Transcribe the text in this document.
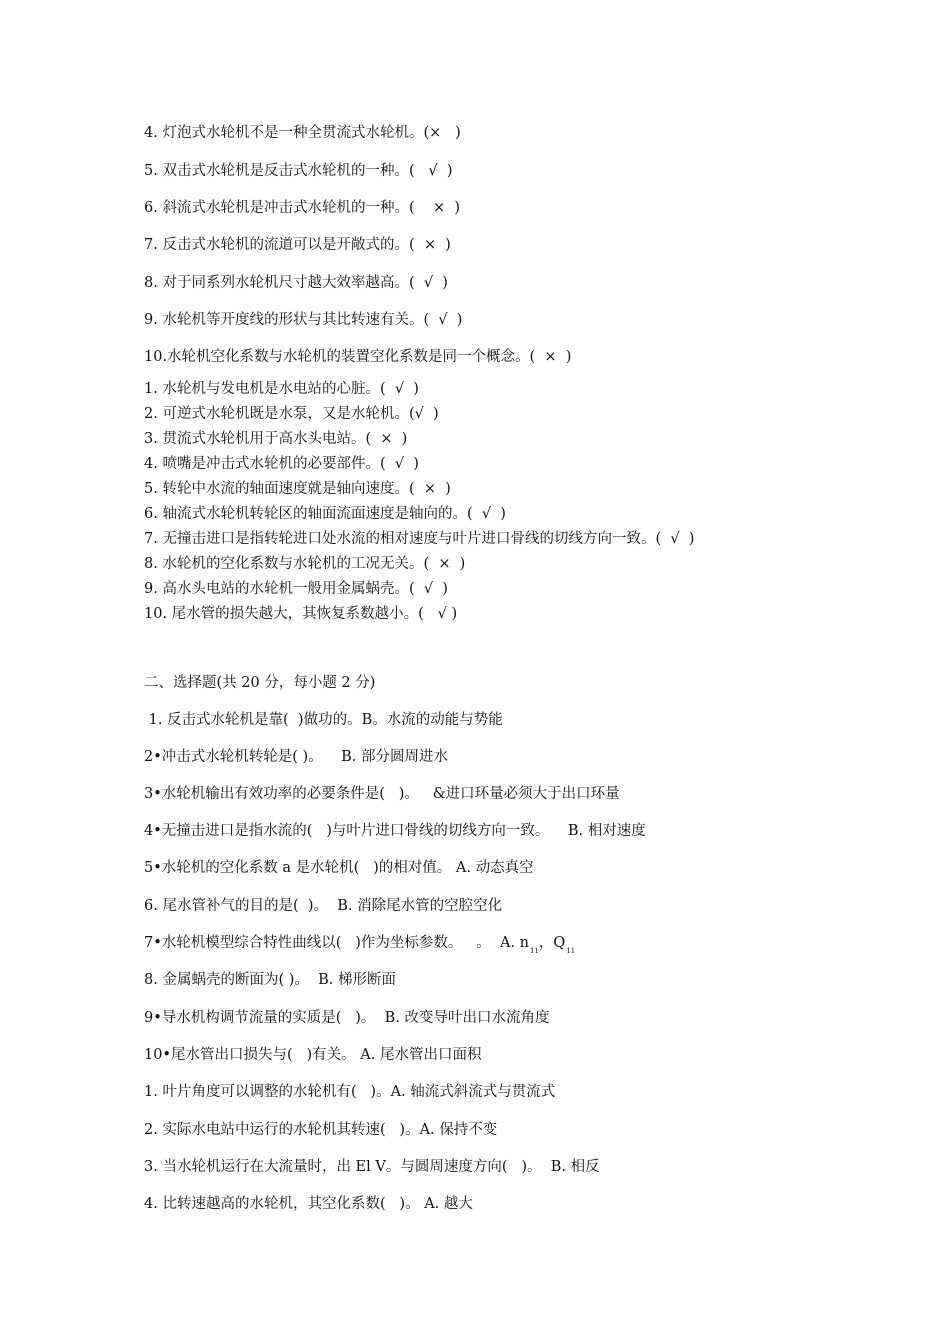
4. 灯泡式水轮机不是一种全贯流式水轮机。(×   )
5. 双击式水轮机是反击式水轮机的一种。(   √  )
6. 斜流式水轮机是冲击式水轮机的一种。(    ×  )
7. 反击式水轮机的流道可以是开敞式的。(  ×  )
8. 对于同系列水轮机尺寸越大效率越高。(  √  )
9. 水轮机等开度线的形状与其比转速有关。(  √  )
10.水轮机空化系数与水轮机的装置空化系数是同一个概念。(  ×  )
1. 水轮机与发电机是水电站的心脏。(  √  )
2. 可逆式水轮机既是水泵，又是水轮机。(√  )
3. 贯流式水轮机用于高水头电站。(  ×  )
4. 喷嘴是冲击式水轮机的必要部件。(  √  )
5. 转轮中水流的轴面速度就是轴向速度。(  ×  )
6. 轴流式水轮机转轮区的轴面流面速度是轴向的。(  √  )
7. 无撞击进口是指转轮进口处水流的相对速度与叶片进口骨线的切线方向一致。(  √  )
8. 水轮机的空化系数与水轮机的工况无关。(  ×  )
9. 高水头电站的水轮机一般用金属蜗壳。(  √  )
10. 尾水管的损失越大，其恢复系数越小。(   √ )
二、选择题(共 20 分，每小题 2 分)
1. 反击式水轮机是靠(  )做功的。B。水流的动能与势能
2•冲击式水轮机转轮是( )。    B. 部分圆周进水
3•水轮机输出有效功率的必要条件是(   )。   &进口环量必须大于出口环量
4•无撞击进口是指水流的(   )与叶片进口骨线的切线方向一致。    B. 相对速度
5•水轮机的空化系数 a 是水轮机(   )的相对值。 A. 动态真空
6. 尾水管补气的目的是(  )。  B. 消除尾水管的空腔空化
7•水轮机模型综合特性曲线以(   )作为坐标参数。   。  A. $n_{11}$，$Q_{11}$
8. 金属蜗壳的断面为( )。  B. 梯形断面
9•导水机构调节流量的实质是(   )。  B. 改变导叶出口水流角度
10•尾水管出口损失与(   )有关。 A. 尾水管出口面积
1. 叶片角度可以调整的水轮机有(   )。A. 轴流式斜流式与贯流式
2. 实际水电站中运行的水轮机其转速(   )。A. 保持不变
3. 当水轮机运行在大流量时，出 El V。与圆周速度方向(   )。  B. 相反
4. 比转速越高的水轮机，其空化系数(   )。 A. 越大
